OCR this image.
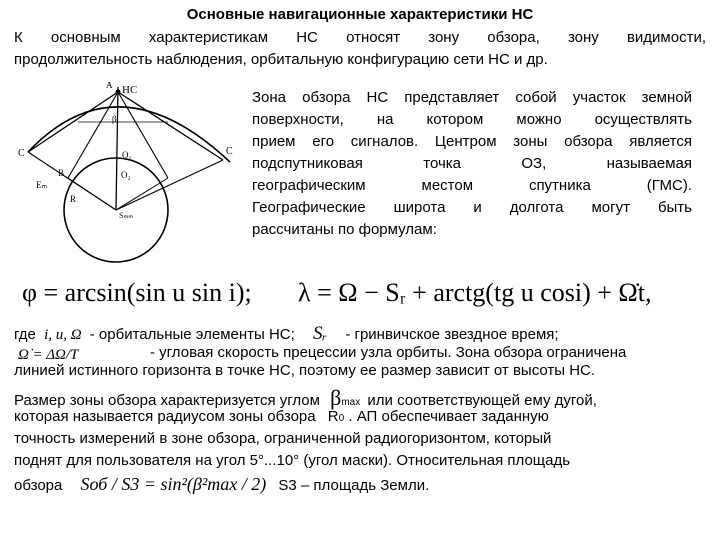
Основные навигационные характеристики НС
К основным характеристикам НС относят зону обзора, зону видимости,
продолжительность наблюдения, орбитальную конфигурацию сети НС и др.
НС
А
С	С
В
О₁
О₂
R
Еₘ
Sₘₘ
β
Зона обзора НС представляет собой участок земной
поверхности, на котором можно осуществлять
прием его сигналов. Центром зоны обзора является
подспутниковая точка ОЗ, называемая
географическим местом спутника (ГМС).
Географические широта и долгота могут быть
рассчитаны по формулам:
φ = arcsin(sin u sin i); λ = Ω − Sᵣ + arctg(tg u cosi) + Ω̇t,
где i, u, Ω - орбитальные элементы НС; Sᵣ - гринвичское звездное время;
Ω̇ = ΔΩ/T	- угловая скорость прецессии узла орбиты. Зона обзора ограничена
линией истинного горизонта в точке НС, поэтому ее размер зависит от высоты НС.
Размер зоны обзора характеризуется углом βmax или соответствующей ему дугой,
которая называется радиусом зоны обзора R0 . АП обеспечивает заданную
точность измерений в зоне обзора, ограниченной радиогоризонтом, который
поднят для пользователя на угол 5°...10° (угол маски). Относительная площадь
обзора Sоб / S3 = sin²(β²max / 2) S3 – площадь Земли.
